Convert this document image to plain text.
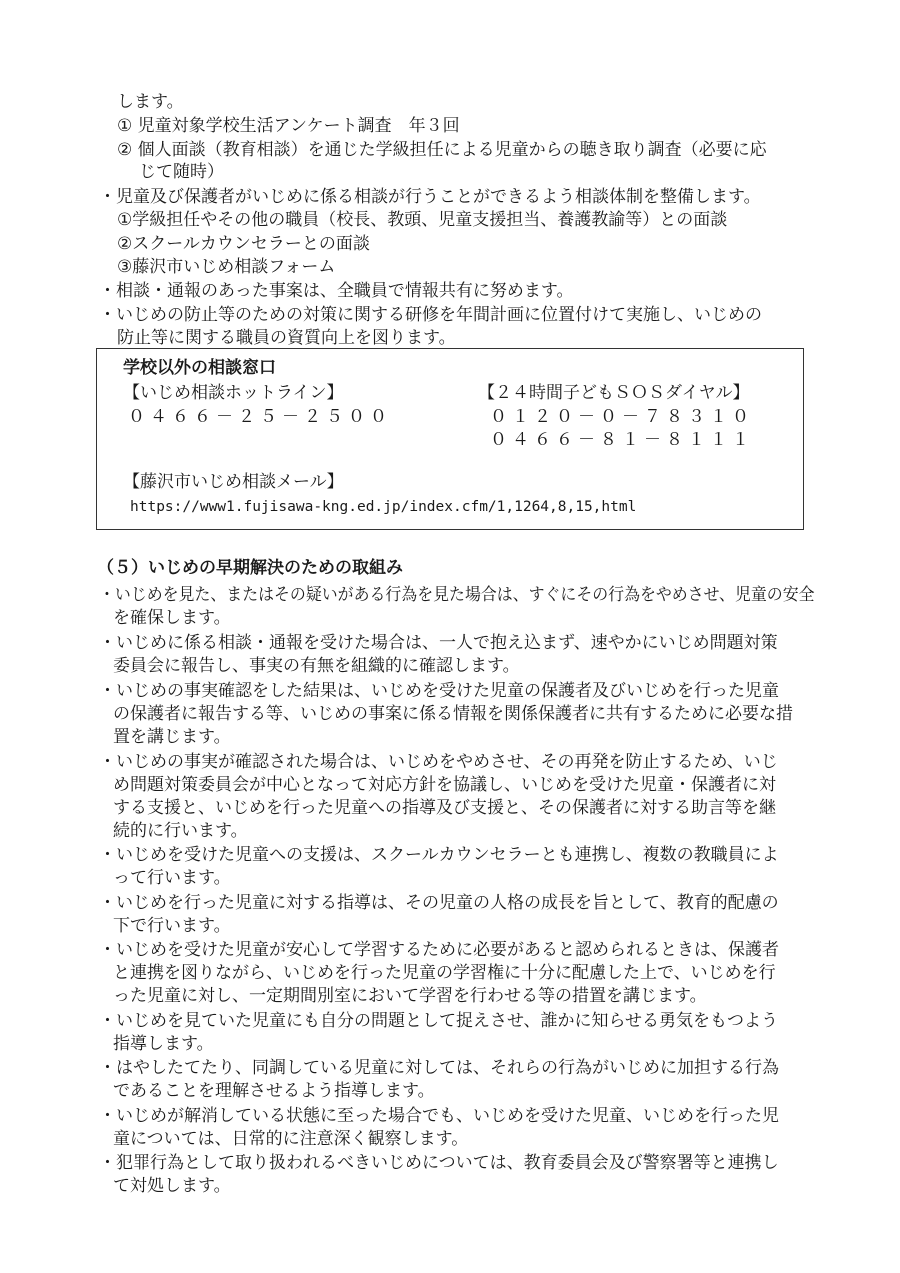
します。
① 児童対象学校生活アンケート調査　年３回
② 個人面談（教育相談）を通じた学級担任による児童からの聴き取り調査（必要に応
じて随時）
・児童及び保護者がいじめに係る相談が行うことができるよう相談体制を整備します。
①学級担任やその他の職員（校長、教頭、児童支援担当、養護教諭等）との面談
②スクールカウンセラーとの面談
③藤沢市いじめ相談フォーム
・相談・通報のあった事案は、全職員で情報共有に努めます。
・いじめの防止等のための対策に関する研修を年間計画に位置付けて実施し、いじめの
防止等に関する職員の資質向上を図ります。
学校以外の相談窓口
【いじめ相談ホットライン】
０４６６－２５－２５００
【２４時間子どもＳＯＳダイヤル】
０１２０－０－７８３１０
０４６６－８１－８１１１
【藤沢市いじめ相談メール】
https://www1.fujisawa-kng.ed.jp/index.cfm/1,1264,8,15,html
（５）いじめの早期解決のための取組み
・いじめを見た、またはその疑いがある行為を見た場合は、すぐにその行為をやめさせ、児童の安全
を確保します。
・いじめに係る相談・通報を受けた場合は、一人で抱え込まず、速やかにいじめ問題対策
委員会に報告し、事実の有無を組織的に確認します。
・いじめの事実確認をした結果は、いじめを受けた児童の保護者及びいじめを行った児童
の保護者に報告する等、いじめの事案に係る情報を関係保護者に共有するために必要な措
置を講じます。
・いじめの事実が確認された場合は、いじめをやめさせ、その再発を防止するため、いじ
め問題対策委員会が中心となって対応方針を協議し、いじめを受けた児童・保護者に対
する支援と、いじめを行った児童への指導及び支援と、その保護者に対する助言等を継
続的に行います。
・いじめを受けた児童への支援は、スクールカウンセラーとも連携し、複数の教職員によ
って行います。
・いじめを行った児童に対する指導は、その児童の人格の成長を旨として、教育的配慮の
下で行います。
・いじめを受けた児童が安心して学習するために必要があると認められるときは、保護者
と連携を図りながら、いじめを行った児童の学習権に十分に配慮した上で、いじめを行
った児童に対し、一定期間別室において学習を行わせる等の措置を講じます。
・いじめを見ていた児童にも自分の問題として捉えさせ、誰かに知らせる勇気をもつよう
指導します。
・はやしたてたり、同調している児童に対しては、それらの行為がいじめに加担する行為
であることを理解させるよう指導します。
・いじめが解消している状態に至った場合でも、いじめを受けた児童、いじめを行った児
童については、日常的に注意深く観察します。
・犯罪行為として取り扱われるべきいじめについては、教育委員会及び警察署等と連携し
て対処します。
